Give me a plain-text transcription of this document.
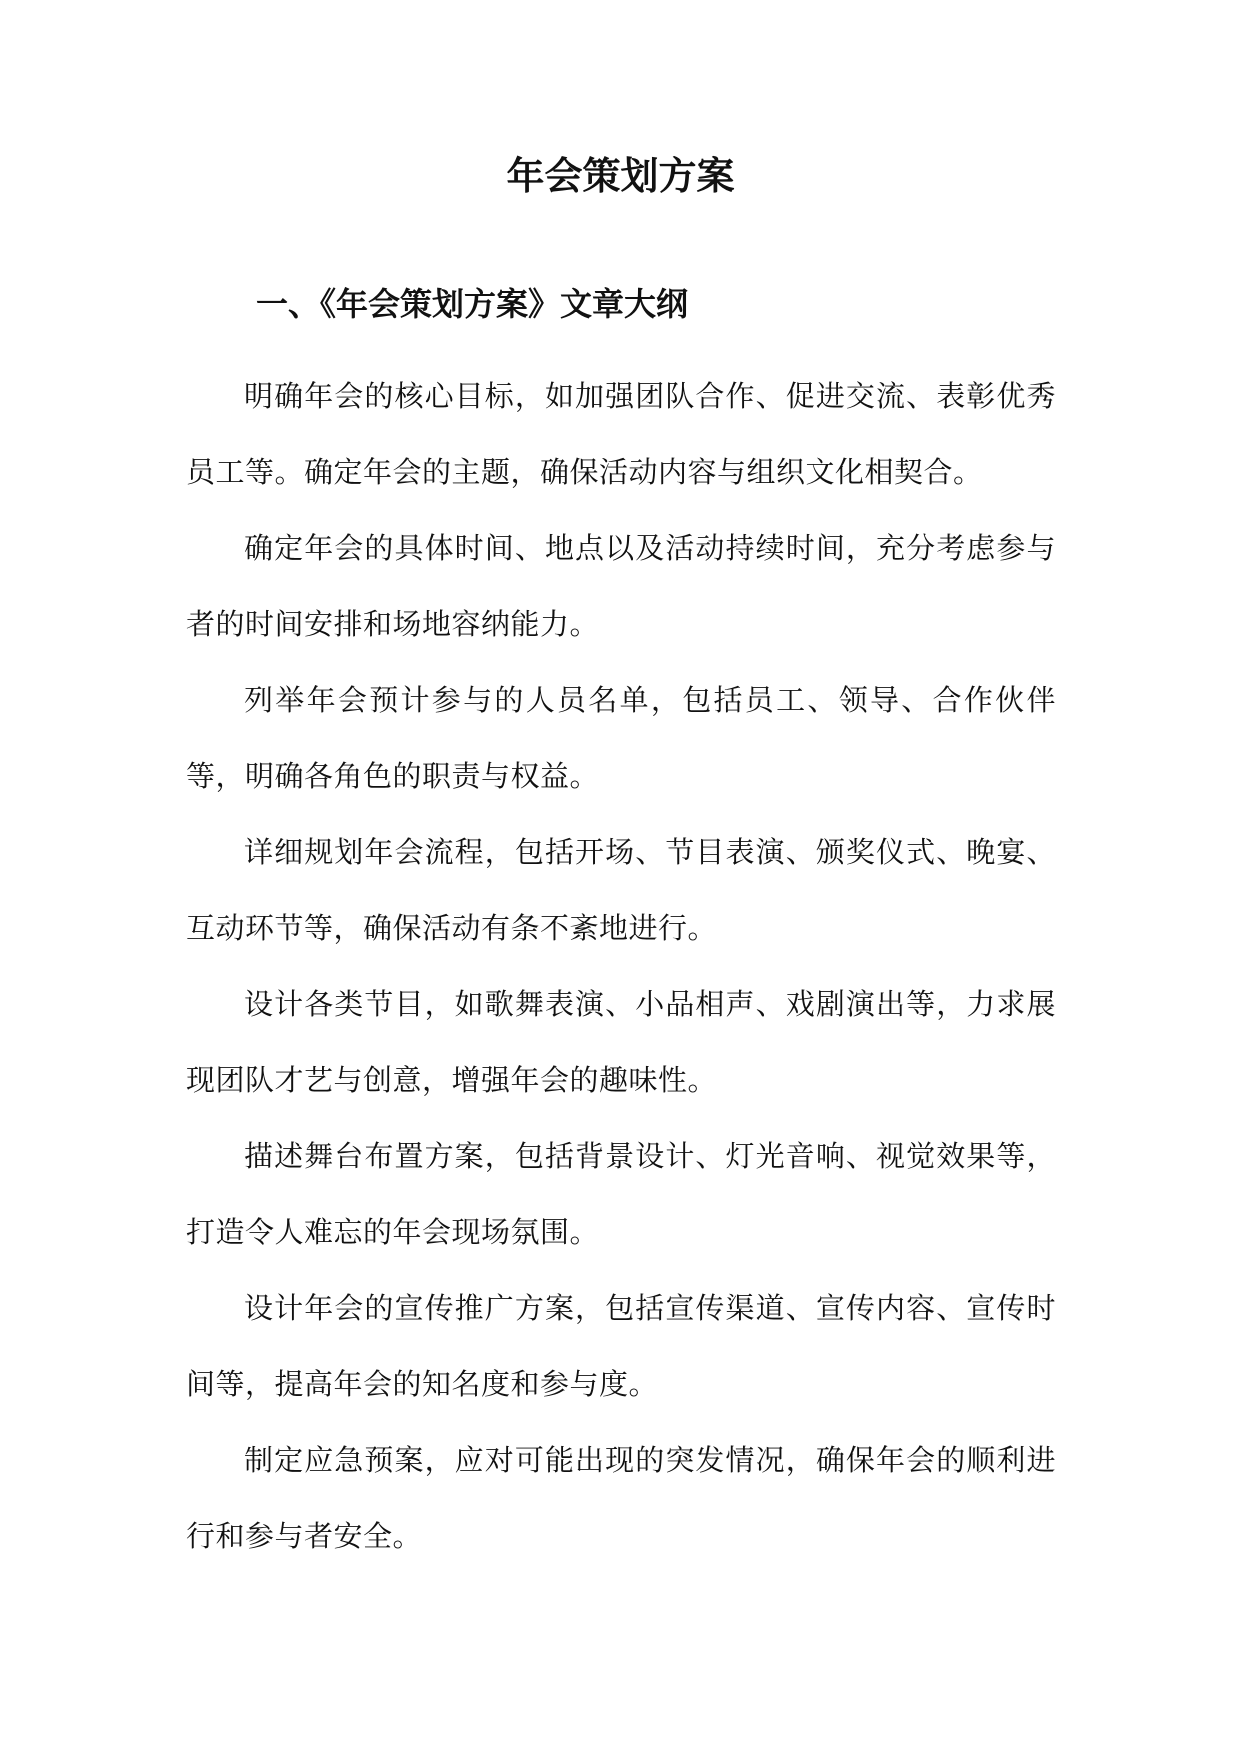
年会策划方案
一、《年会策划方案》文章大纲

明确年会的核心目标，如加强团队合作、促进交流、表彰优秀员工等。确定年会的主题，确保活动内容与组织文化相契合。

确定年会的具体时间、地点以及活动持续时间，充分考虑参与者的时间安排和场地容纳能力。

列举年会预计参与的人员名单，包括员工、领导、合作伙伴等，明确各角色的职责与权益。

详细规划年会流程，包括开场、节目表演、颁奖仪式、晚宴、互动环节等，确保活动有条不紊地进行。

设计各类节目，如歌舞表演、小品相声、戏剧演出等，力求展现团队才艺与创意，增强年会的趣味性。

描述舞台布置方案，包括背景设计、灯光音响、视觉效果等，打造令人难忘的年会现场氛围。

设计年会的宣传推广方案，包括宣传渠道、宣传内容、宣传时间等，提高年会的知名度和参与度。

制定应急预案，应对可能出现的突发情况，确保年会的顺利进行和参与者安全。
